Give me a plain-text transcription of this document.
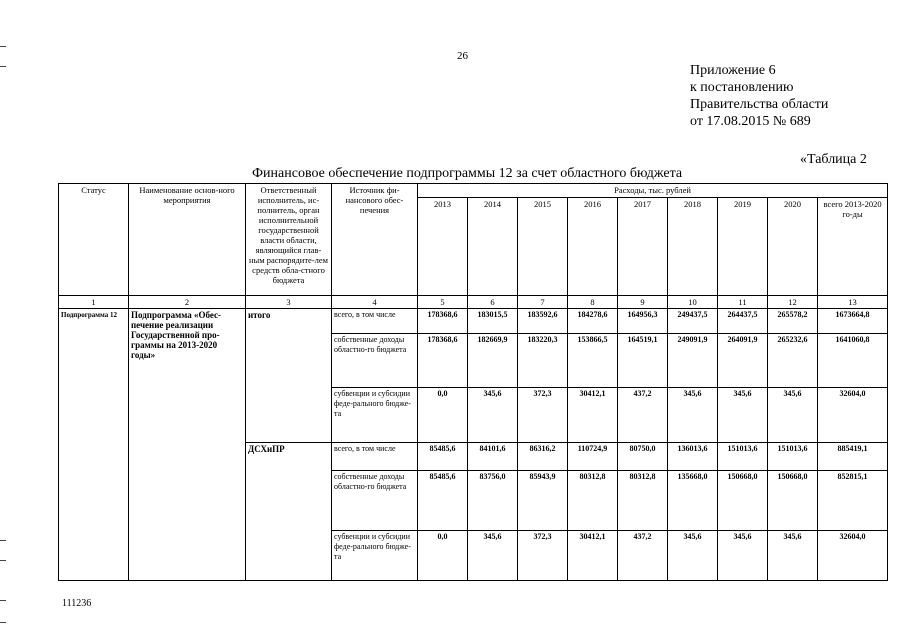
26
Приложение 6
к постановлению
Правительства области
от 17.08.2015 № 689
«Таблица 2
Финансовое обеспечение подпрограммы 12 за счет областного бюджета
Статус	Наименование основ-ного мероприятия	Ответственный исполнитель, ис-полнитель, орган исполнительной государственной власти области, являющийся глав-ным распорядите-лем средств обла-стного бюджета	Источник фи-нансового обес-печения	Расходы, тыс. рублей								
				2013	2014	2015	2016	2017	2018	2019	2020	всего 2013-2020 го-ды
1	2	3	4	5	6	7	8	9	10	11	12	13
Подпрограмма 12	Подпрограмма «Обес-печение реализации Государственной про-граммы на 2013-2020 годы»	итого	всего, в том числе	178368,6	183015,5	183592,6	184278,6	164956,3	249437,5	264437,5	265578,2	1673664,8
			собственные доходы областно-го бюджета	178368,6	182669,9	183220,3	153866,5	164519,1	249091,9	264091,9	265232,6	1641060,8
			субвенции и субсидии феде-рального бюдже-та	0,0	345,6	372,3	30412,1	437,2	345,6	345,6	345,6	32604,0
		ДСХиПР	всего, в том числе	85485,6	84101,6	86316,2	110724,9	80750,0	136013,6	151013,6	151013,6	885419,1
			собственные доходы областно-го бюджета	85485,6	83756,0	85943,9	80312,8	80312,8	135668,0	150668,0	150668,0	852815,1
			субвенции и субсидии феде-рального бюдже-та	0,0	345,6	372,3	30412,1	437,2	345,6	345,6	345,6	32604,0
111236
